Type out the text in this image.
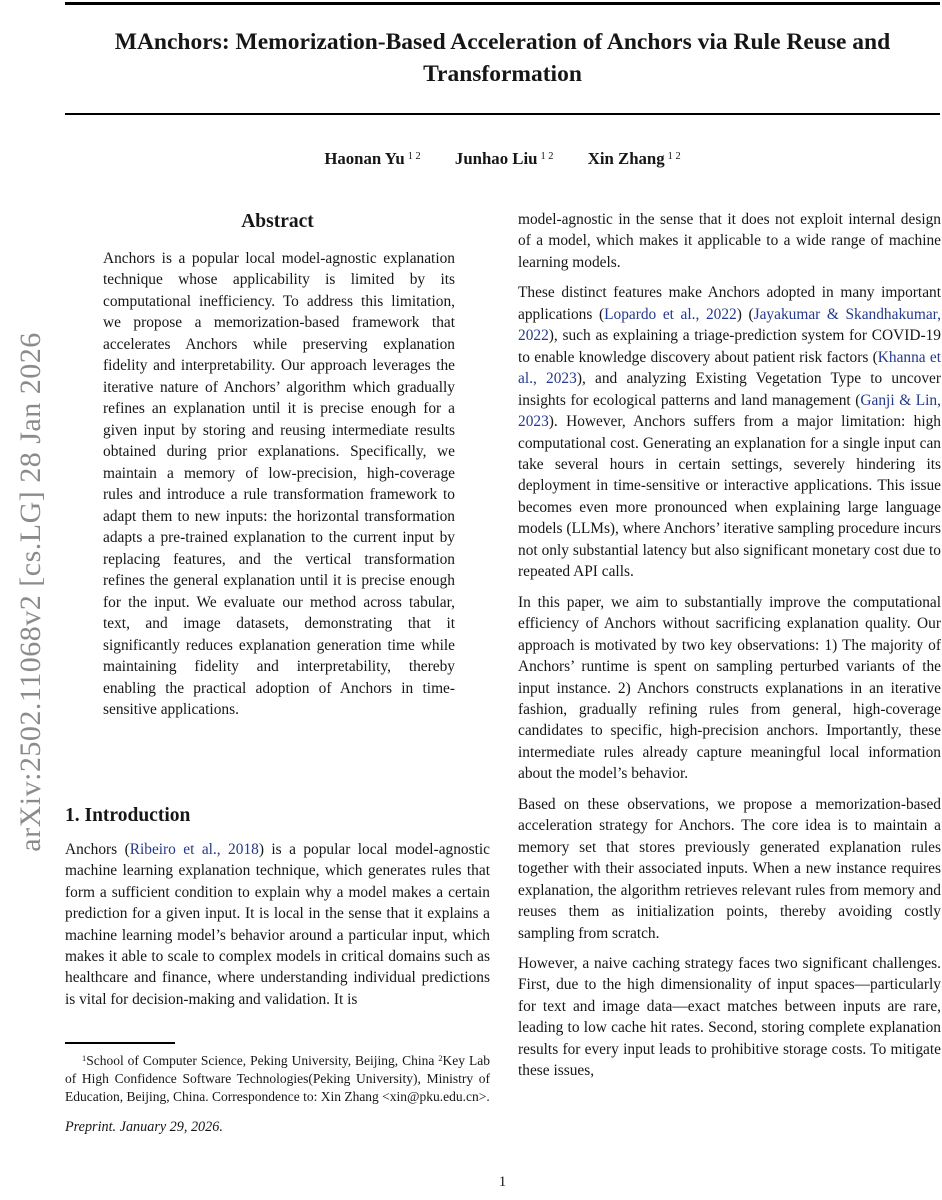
arXiv:2502.11068v2 [cs.LG] 28 Jan 2026
MAnchors: Memorization-Based Acceleration of Anchors via Rule Reuse and
Transformation
Haonan Yu $^{1 2}$ Junhao Liu $^{1 2}$ Xin Zhang $^{1 2}$

Abstract

Anchors is a popular local model-agnostic explanation technique whose applicability is limited by its computational inefficiency. To address this limitation, we propose a memorization-based framework that accelerates Anchors while preserving explanation fidelity and interpretability. Our approach leverages the iterative nature of Anchors’ algorithm which gradually refines an explanation until it is precise enough for a given input by storing and reusing intermediate results obtained during prior explanations. Specifically, we maintain a memory of low-precision, high-coverage rules and introduce a rule transformation framework to adapt them to new inputs: the horizontal transformation adapts a pre-trained explanation to the current input by replacing features, and the vertical transformation refines the general explanation until it is precise enough for the input. We evaluate our method across tabular, text, and image datasets, demonstrating that it significantly reduces explanation generation time while maintaining fidelity and interpretability, thereby enabling the practical adoption of Anchors in time-sensitive applications.

1. Introduction

Anchors (Ribeiro et al., 2018) is a popular local model-agnostic machine learning explanation technique, which generates rules that form a sufficient condition to explain why a model makes a certain prediction for a given input. It is local in the sense that it explains a machine learning model’s behavior around a particular input, which makes it able to scale to complex models in critical domains such as healthcare and finance, where understanding individual predictions is vital for decision-making and validation. It is

$^1$School of Computer Science, Peking University, Beijing, China $^2$Key Lab of High Confidence Software Technologies(Peking University), Ministry of Education, Beijing, China. Correspondence to: Xin Zhang <xin@pku.edu.cn>.

Preprint. January 29, 2026.

model-agnostic in the sense that it does not exploit internal design of a model, which makes it applicable to a wide range of machine learning models.

These distinct features make Anchors adopted in many important applications (Lopardo et al., 2022) (Jayakumar & Skandhakumar, 2022), such as explaining a triage-prediction system for COVID-19 to enable knowledge discovery about patient risk factors (Khanna et al., 2023), and analyzing Existing Vegetation Type to uncover insights for ecological patterns and land management (Ganji & Lin, 2023). However, Anchors suffers from a major limitation: high computational cost. Generating an explanation for a single input can take several hours in certain settings, severely hindering its deployment in time-sensitive or interactive applications. This issue becomes even more pronounced when explaining large language models (LLMs), where Anchors’ iterative sampling procedure incurs not only substantial latency but also significant monetary cost due to repeated API calls.

In this paper, we aim to substantially improve the computational efficiency of Anchors without sacrificing explanation quality. Our approach is motivated by two key observations: 1) The majority of Anchors’ runtime is spent on sampling perturbed variants of the input instance. 2) Anchors constructs explanations in an iterative fashion, gradually refining rules from general, high-coverage candidates to specific, high-precision anchors. Importantly, these intermediate rules already capture meaningful local information about the model’s behavior.

Based on these observations, we propose a memorization-based acceleration strategy for Anchors. The core idea is to maintain a memory set that stores previously generated explanation rules together with their associated inputs. When a new instance requires explanation, the algorithm retrieves relevant rules from memory and reuses them as initialization points, thereby avoiding costly sampling from scratch.

However, a naive caching strategy faces two significant challenges. First, due to the high dimensionality of input spaces—particularly for text and image data—exact matches between inputs are rare, leading to low cache hit rates. Second, storing complete explanation results for every input leads to prohibitive storage costs. To mitigate these issues,

1
